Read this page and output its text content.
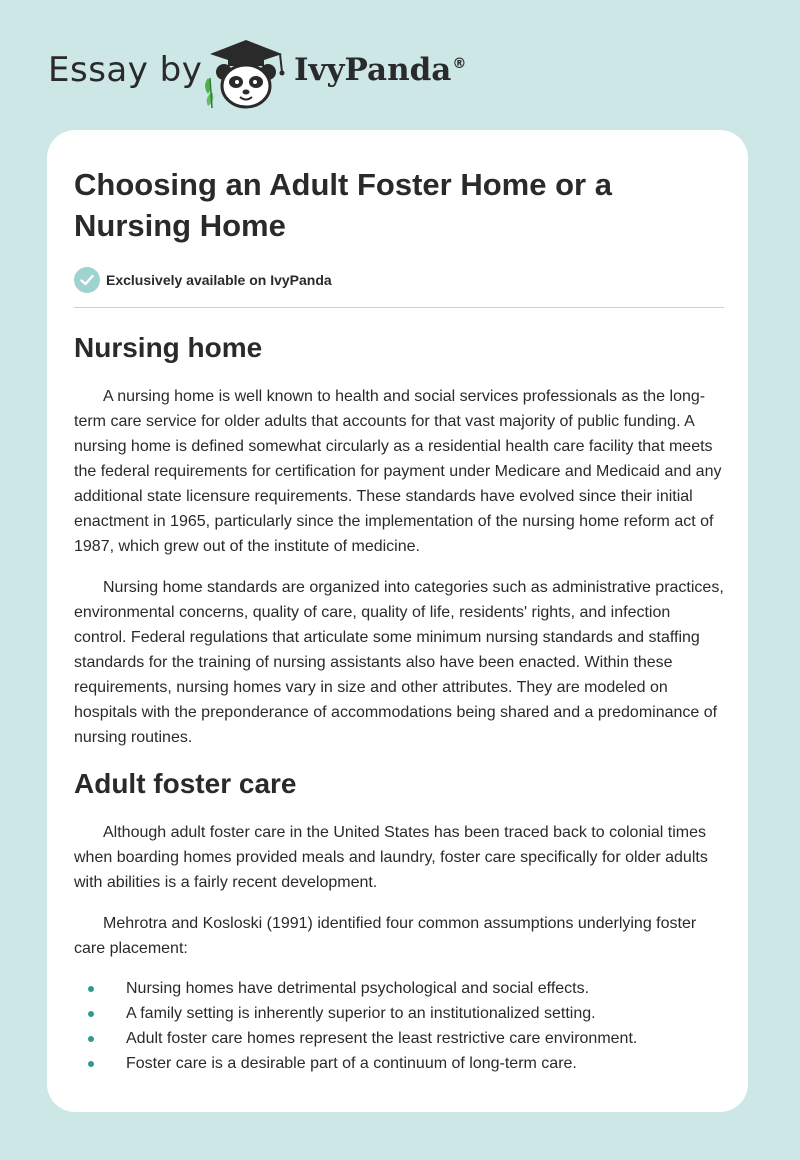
Essay by	IvyPanda®
Choosing an Adult Foster Home or a Nursing Home
Exclusively available on IvyPanda
Nursing home

A nursing home is well known to health and social services professionals as the long-term care service for older adults that accounts for that vast majority of public funding. A nursing home is defined somewhat circularly as a residential health care facility that meets the federal requirements for certification for payment under Medicare and Medicaid and any additional state licensure requirements. These standards have evolved since their initial enactment in 1965, particularly since the implementation of the nursing home reform act of 1987, which grew out of the institute of medicine.

Nursing home standards are organized into categories such as administrative practices, environmental concerns, quality of care, quality of life, residents' rights, and infection control. Federal regulations that articulate some minimum nursing standards and staffing standards for the training of nursing assistants also have been enacted. Within these requirements, nursing homes vary in size and other attributes. They are modeled on hospitals with the preponderance of accommodations being shared and a predominance of nursing routines.

Adult foster care

Although adult foster care in the United States has been traced back to colonial times when boarding homes provided meals and laundry, foster care specifically for older adults with abilities is a fairly recent development.

Mehrotra and Kosloski (1991) identified four common assumptions underlying foster care placement:

Nursing homes have detrimental psychological and social effects.
A family setting is inherently superior to an institutionalized setting.
Adult foster care homes represent the least restrictive care environment.
Foster care is a desirable part of a continuum of long-term care.
